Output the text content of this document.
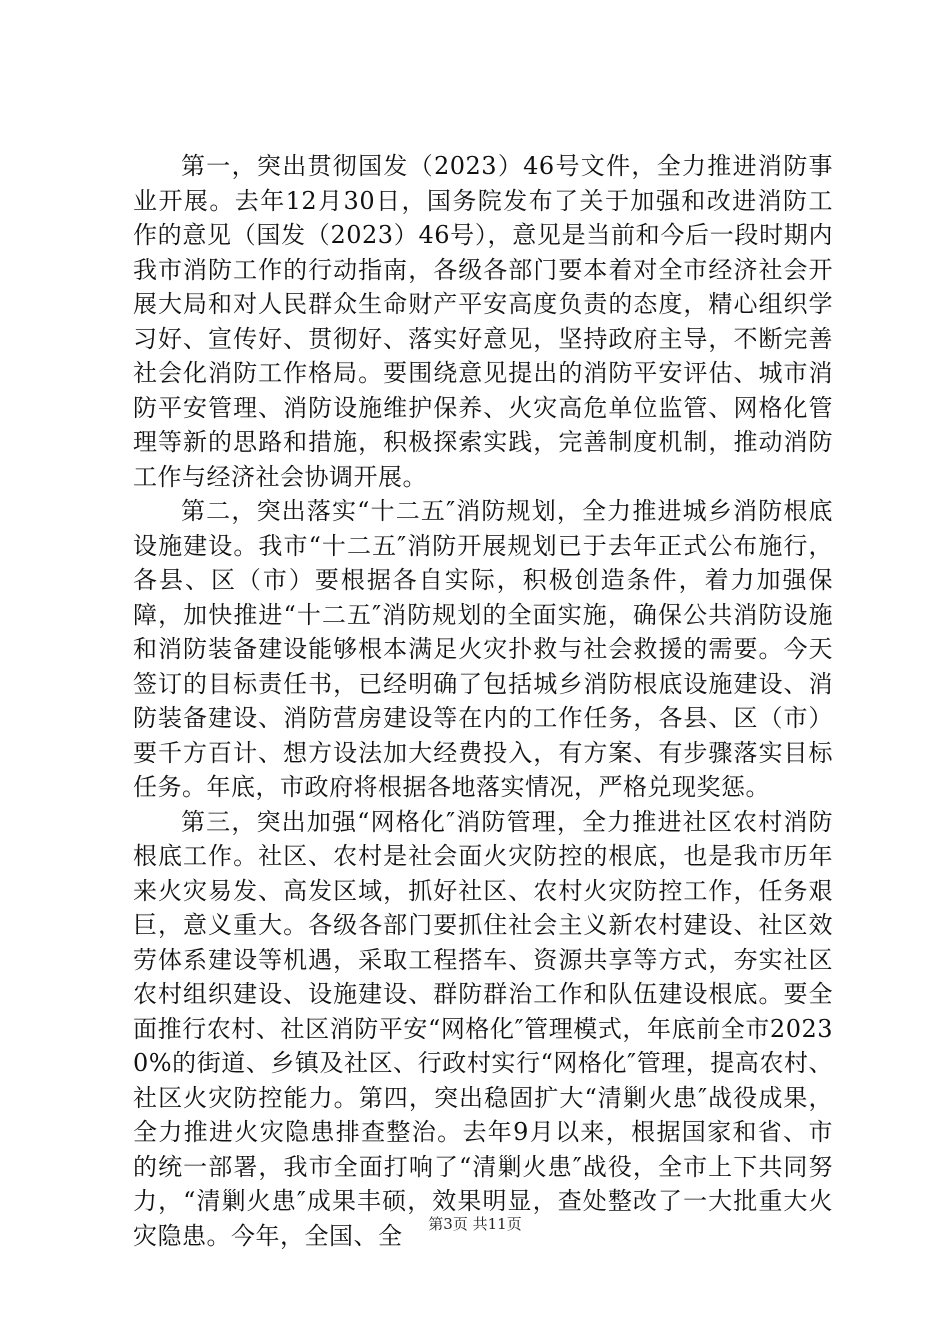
第一，突出贯彻国发（2023）46号文件，全力推进消防事业开展。去年12月30日，国务院发布了关于加强和改进消防工作的意见（国发（2023）46号），意见是当前和今后一段时期内我市消防工作的行动指南，各级各部门要本着对全市经济社会开展大局和对人民群众生命财产平安高度负责的态度，精心组织学习好、宣传好、贯彻好、落实好意见，坚持政府主导，不断完善社会化消防工作格局。要围绕意见提出的消防平安评估、城市消防平安管理、消防设施维护保养、火灾高危单位监管、网格化管理等新的思路和措施，积极探索实践，完善制度机制，推动消防工作与经济社会协调开展。

第二，突出落实“十二五″消防规划，全力推进城乡消防根底设施建设。我市“十二五″消防开展规划已于去年正式公布施行，各县、区（市）要根据各自实际，积极创造条件，着力加强保障，加快推进“十二五″消防规划的全面实施，确保公共消防设施和消防装备建设能够根本满足火灾扑救与社会救援的需要。今天签订的目标责任书，已经明确了包括城乡消防根底设施建设、消防装备建设、消防营房建设等在内的工作任务，各县、区（市）要千方百计、想方设法加大经费投入，有方案、有步骤落实目标任务。年底，市政府将根据各地落实情况，严格兑现奖惩。

第三，突出加强“网格化″消防管理，全力推进社区农村消防根底工作。社区、农村是社会面火灾防控的根底，也是我市历年来火灾易发、高发区域，抓好社区、农村火灾防控工作，任务艰巨，意义重大。各级各部门要抓住社会主义新农村建设、社区效劳体系建设等机遇，采取工程搭车、资源共享等方式，夯实社区农村组织建设、设施建设、群防群治工作和队伍建设根底。要全面推行农村、社区消防平安“网格化″管理模式，年底前全市20230%的街道、乡镇及社区、行政村实行“网格化″管理，提高农村、社区火灾防控能力。第四，突出稳固扩大“清剿火患″战役成果，全力推进火灾隐患排查整治。去年9月以来，根据国家和省、市的统一部署，我市全面打响了“清剿火患″战役，全市上下共同努力，“清剿火患″成果丰硕，效果明显，查处整改了一大批重大火灾隐患。今年，全国、全	第3页 共11页
